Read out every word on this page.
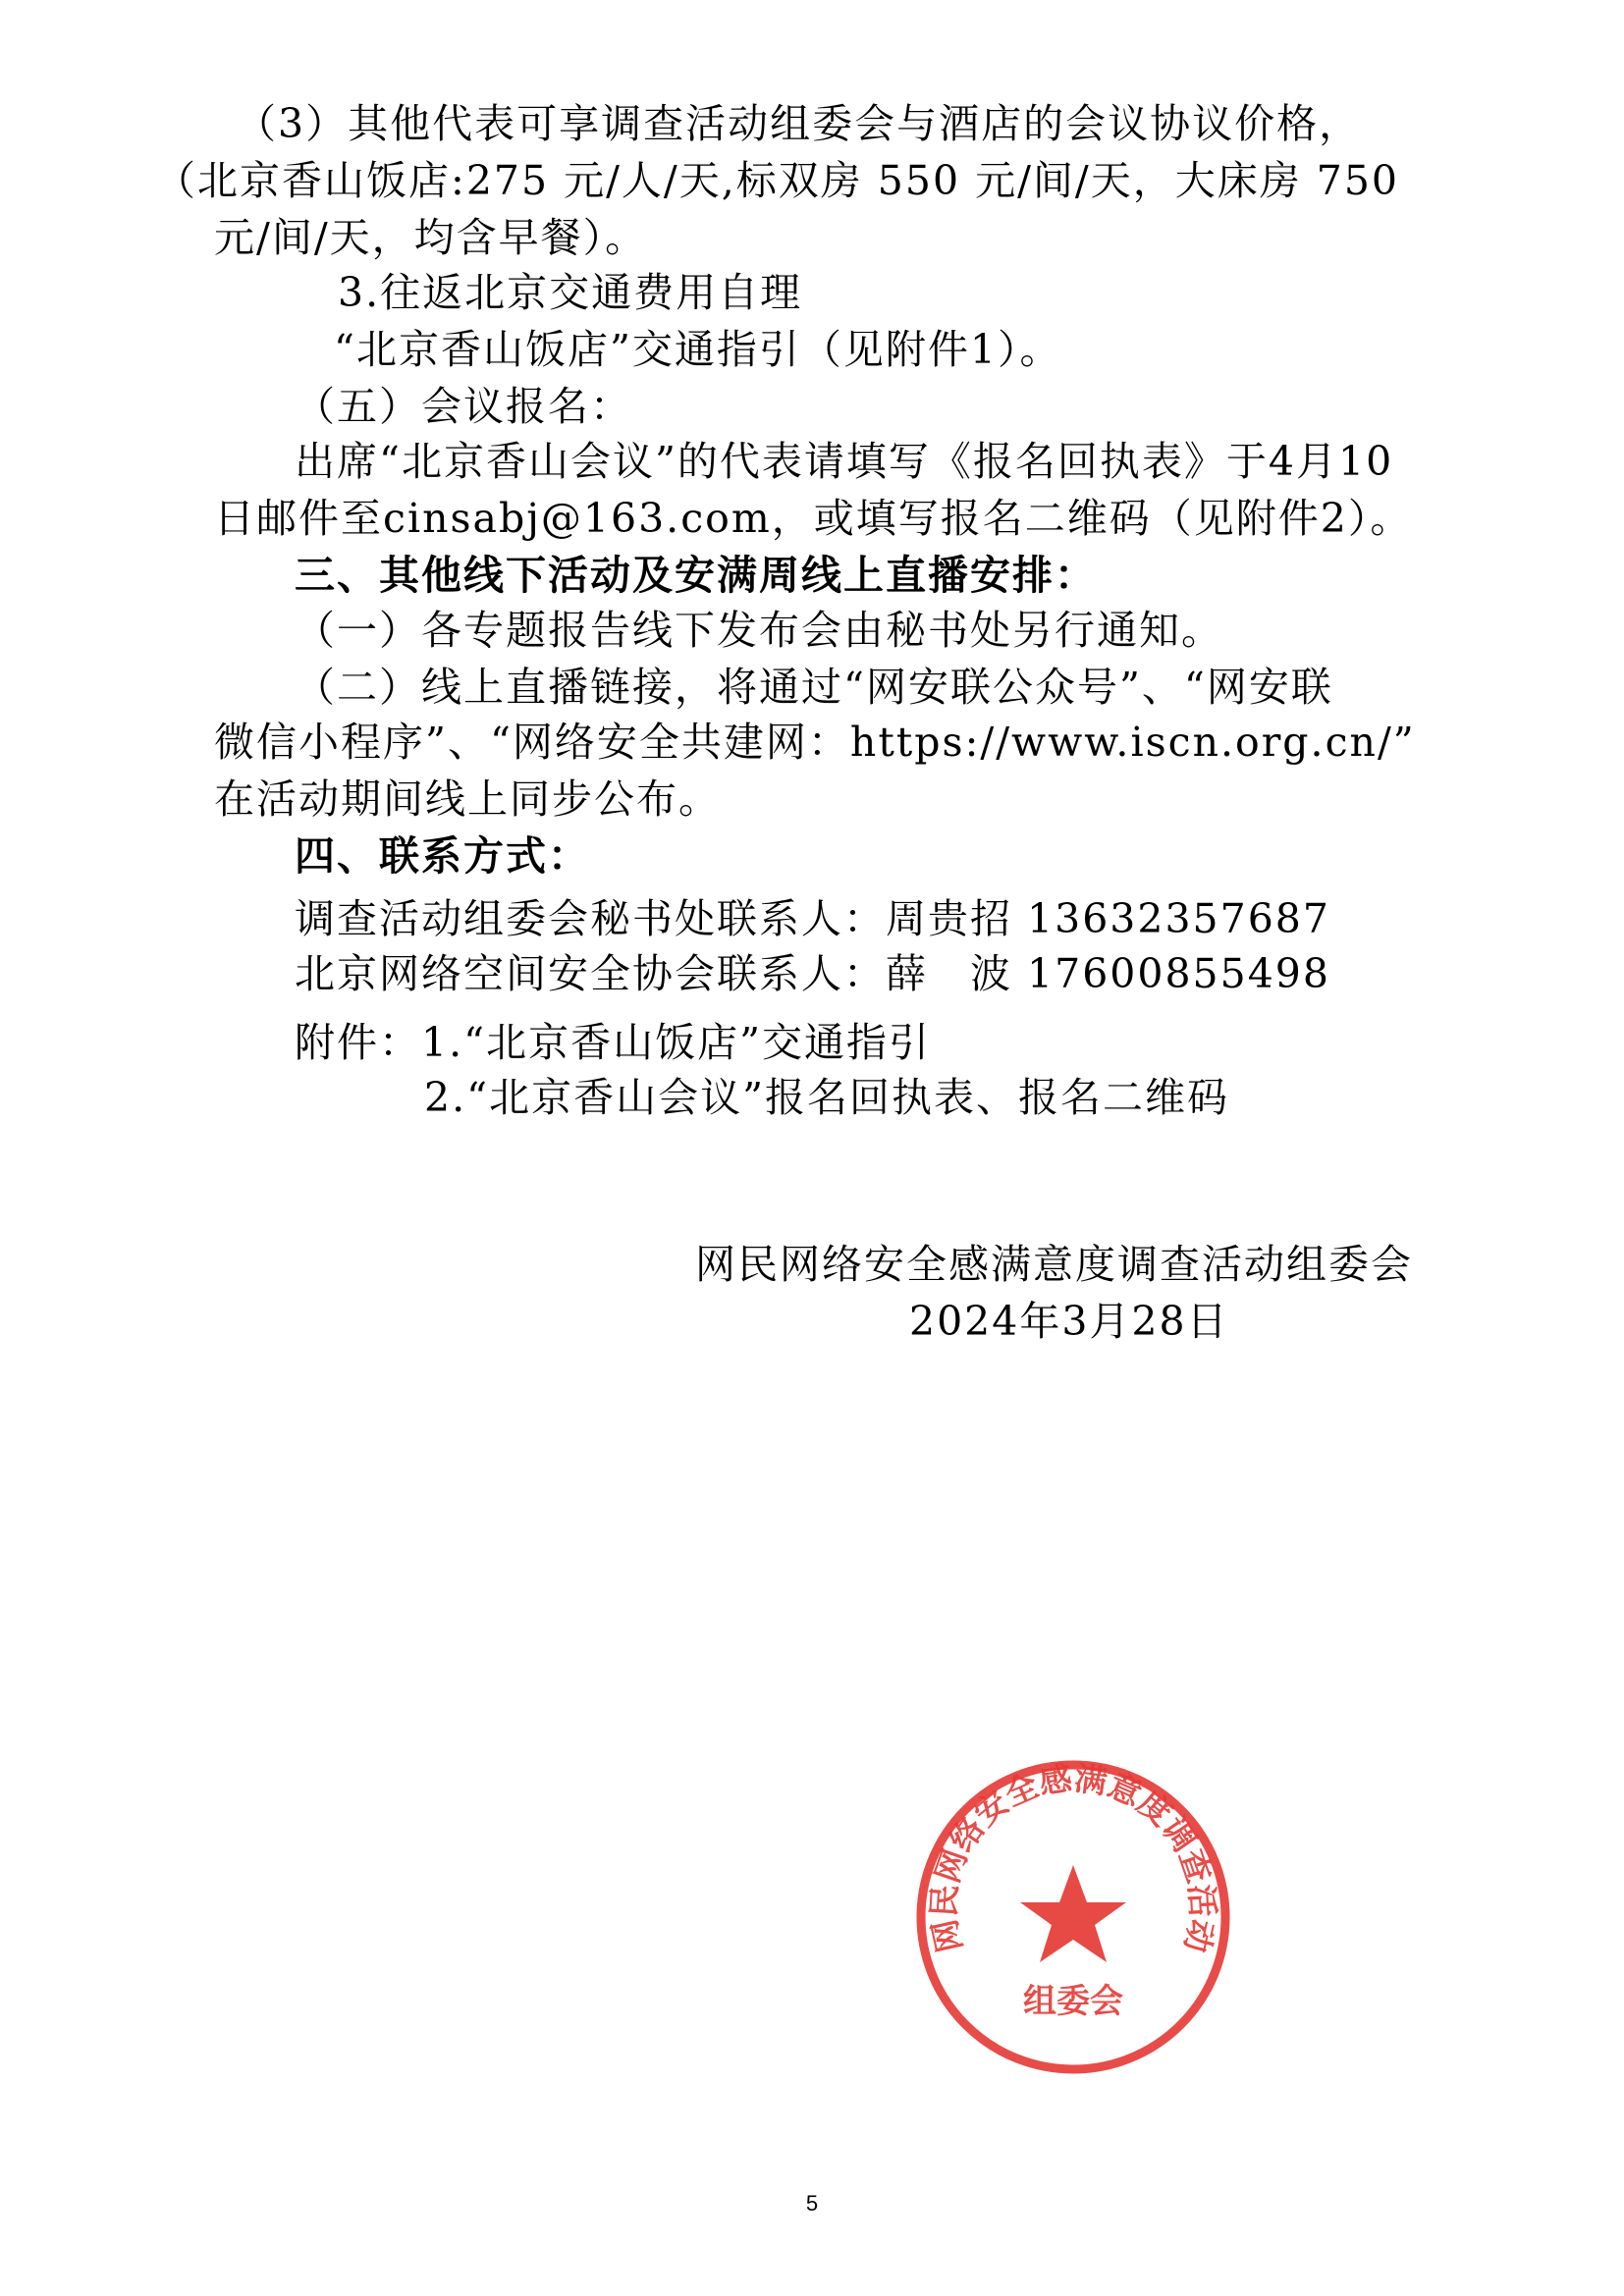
（3）其他代表可享调查活动组委会与酒店的会议协议价格，
（北京香山饭店:275 元/人/天,标双房 550 元/间/天，大床房 750
元/间/天，均含早餐）。
3.往返北京交通费用自理
“北京香山饭店”交通指引（见附件1）。
（五）会议报名：
出席“北京香山会议”的代表请填写《报名回执表》于4月10
日邮件至cinsabj@163.com，或填写报名二维码（见附件2）。
三、其他线下活动及安满周线上直播安排：
（一）各专题报告线下发布会由秘书处另行通知。
（二）线上直播链接，将通过“网安联公众号”、“网安联
微信小程序”、“网络安全共建网：https://www.iscn.org.cn/”
在活动期间线上同步公布。
四、联系方式：
调查活动组委会秘书处联系人：周贵招 13632357687
北京网络空间安全协会联系人：薛　波 17600855498
附件：1.“北京香山饭店”交通指引
2.“北京香山会议”报名回执表、报名二维码
网民网络安全感满意度调查活动组委会
2024年3月28日
网民网络安全感满意度调查活动
组委会
5
